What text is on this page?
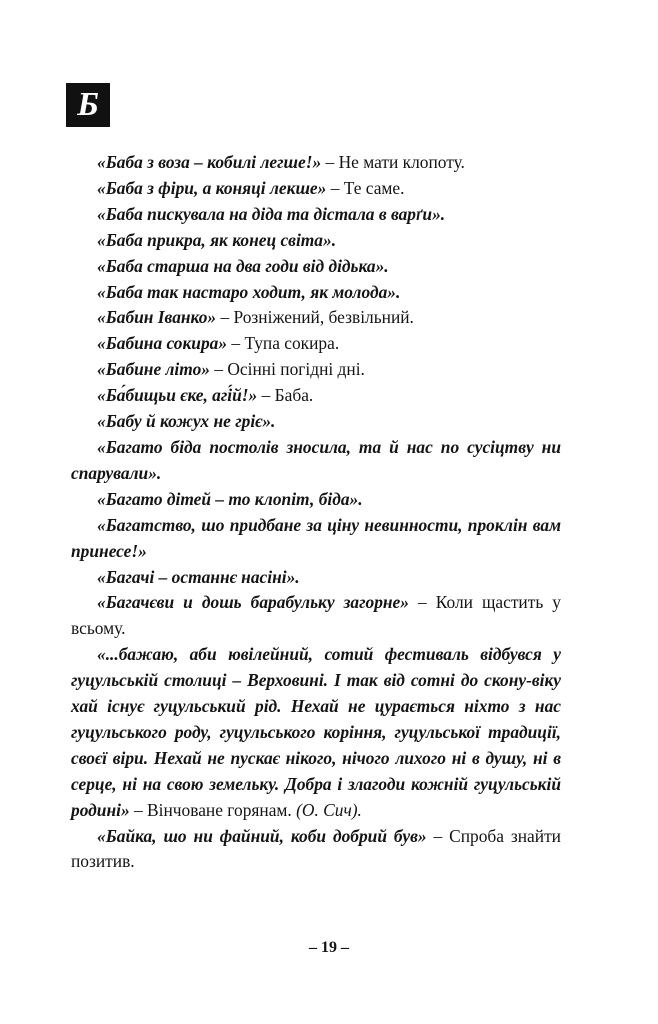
Б

«Баба з воза – кобилі легше!» – Не мати клопоту.

«Баба з фіри, а коняці лекше» – Те саме.

«Баба пискувала на діда та дістала в варґи».

«Баба прикра, як конец світа».

«Баба старша на два годи від дідька».

«Баба так настаро ходит, як молода».

«Бабин Іванко» – Розніжений, безвільний.

«Бабина сокира» – Тупа сокира.

«Бабине літо» – Осінні погідні дні.

«Ба́бищьи єке, агі́й!» – Баба.

«Бабу й кожух не гріє».

«Багато біда постолів зносила, та й нас по сусіцтву ни спарували».

«Багато дітей – то клопіт, біда».

«Багатство, шо придбане за ціну невинности, проклін вам принесе!»

«Багачі – останнє насіні».

«Багачєви и дошь барабульку загорне» – Коли щастить у всьому.

«...бажаю, аби ювілейний, сотий фестиваль відбувся у гуцульській столиці – Верховині. І так від сотні до скону-віку хай існує гуцульський рід. Нехай не цурається ніхто з нас гуцульського роду, гуцульського коріння, гуцульської традиції, своєї віри. Нехай не пускає нікого, нічого лихого ні в душу, ні в серце, ні на свою земельку. Добра і злагоди кожній гуцульській родині» – Вінчоване горянам. (О. Сич).

«Байка, шо ни файний, коби добрий був» – Спроба знайти позитив.

– 19 –
